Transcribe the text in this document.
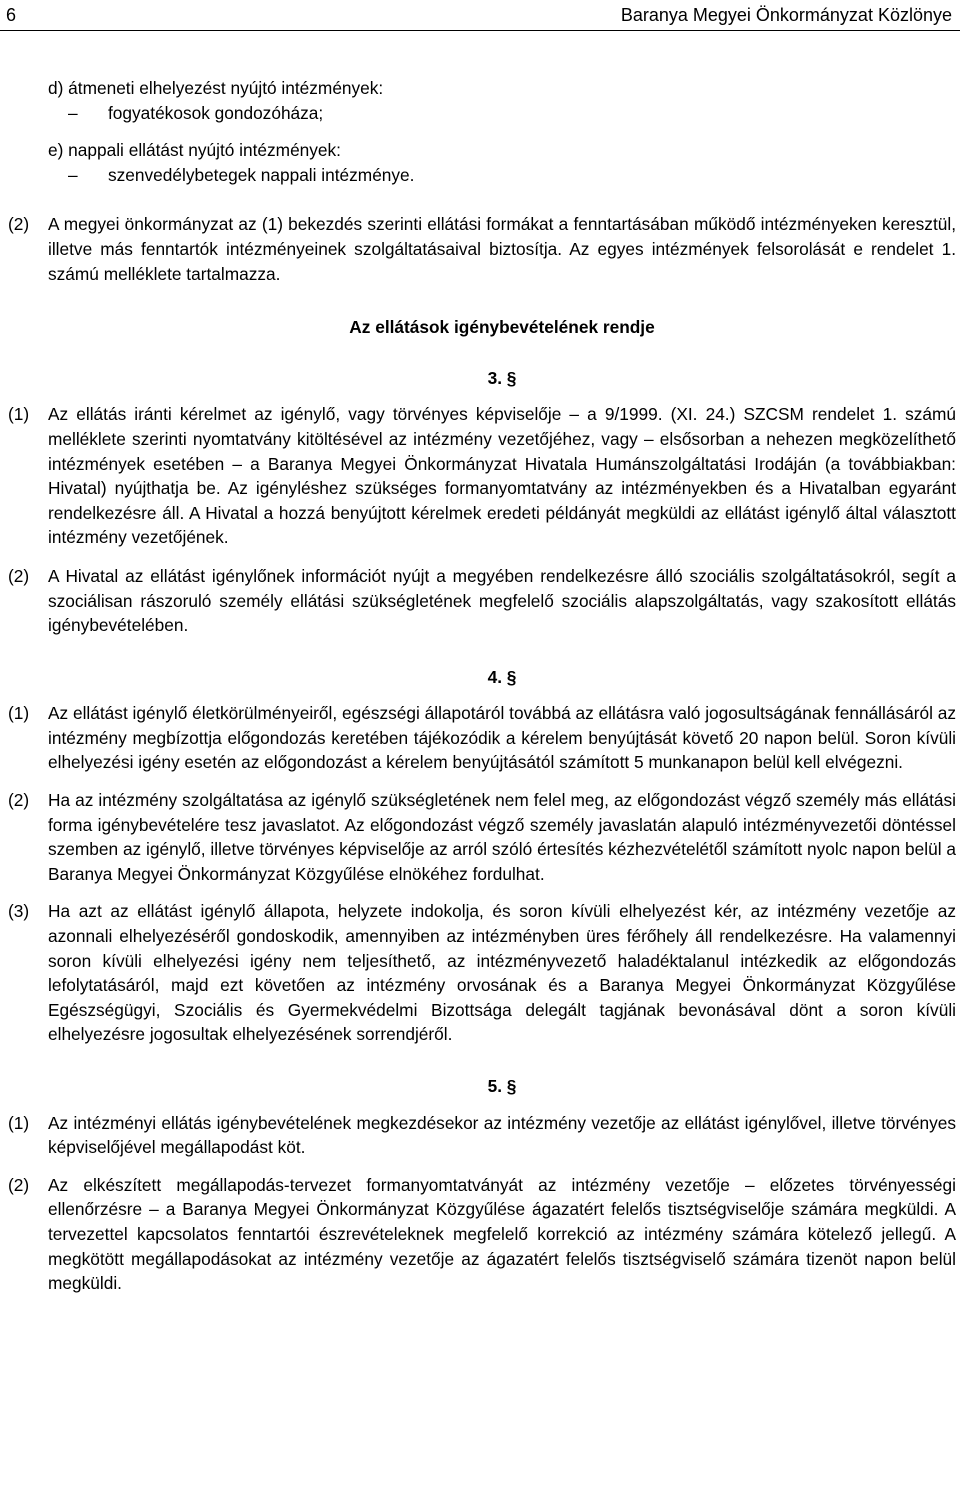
6	Baranya Megyei Önkormányzat Közlönye
d) átmeneti elhelyezést nyújtó intézmények:
– fogyatékosok gondozóháza;
e) nappali ellátást nyújtó intézmények:
– szenvedélybetegek nappali intézménye.
(2) A megyei önkormányzat az (1) bekezdés szerinti ellátási formákat a fenntartásában működő intézményeken keresztül, illetve más fenntartók intézményeinek szolgáltatásaival biztosítja. Az egyes intézmények felsorolását e rendelet 1. számú melléklete tartalmazza.
Az ellátások igénybevételének rendje
3. §
(1) Az ellátás iránti kérelmet az igénylő, vagy törvényes képviselője – a 9/1999. (XI. 24.) SZCSM rendelet 1. számú melléklete szerinti nyomtatvány kitöltésével az intézmény vezetőjéhez, vagy – elsősorban a nehezen megközelíthető intézmények esetében – a Baranya Megyei Önkormányzat Hivatala Humánszolgáltatási Irodáján (a továbbiakban: Hivatal) nyújthatja be. Az igényléshez szükséges formanyomtatvány az intézményekben és a Hivatalban egyaránt rendelkezésre áll. A Hivatal a hozzá benyújtott kérelmek eredeti példányát megküldi az ellátást igénylő által választott intézmény vezetőjének.
(2) A Hivatal az ellátást igénylőnek információt nyújt a megyében rendelkezésre álló szociális szolgáltatásokról, segít a szociálisan rászoruló személy ellátási szükségletének megfelelő szociális alapszolgáltatás, vagy szakosított ellátás igénybevételében.
4. §
(1) Az ellátást igénylő életkörülményeiről, egészségi állapotáról továbbá az ellátásra való jogosultságának fennállásáról az intézmény megbízottja előgondozás keretében tájékozódik a kérelem benyújtását követő 20 napon belül. Soron kívüli elhelyezési igény esetén az előgondozást a kérelem benyújtásától számított 5 munkanapon belül kell elvégezni.
(2) Ha az intézmény szolgáltatása az igénylő szükségletének nem felel meg, az előgondozást végző személy más ellátási forma igénybevételére tesz javaslatot. Az előgondozást végző személy javaslatán alapuló intézményvezetői döntéssel szemben az igénylő, illetve törvényes képviselője az arról szóló értesítés kézhezvételétől számított nyolc napon belül a Baranya Megyei Önkormányzat Közgyűlése elnökéhez fordulhat.
(3) Ha azt az ellátást igénylő állapota, helyzete indokolja, és soron kívüli elhelyezést kér, az intézmény vezetője az azonnali elhelyezéséről gondoskodik, amennyiben az intézményben üres férőhely áll rendelkezésre. Ha valamennyi soron kívüli elhelyezési igény nem teljesíthető, az intézményvezető haladéktalanul intézkedik az előgondozás lefolytatásáról, majd ezt követően az intézmény orvosának és a Baranya Megyei Önkormányzat Közgyűlése Egészségügyi, Szociális és Gyermekvédelmi Bizottsága delegált tagjának bevonásával dönt a soron kívüli elhelyezésre jogosultak elhelyezésének sorrendjéről.
5. §
(1) Az intézményi ellátás igénybevételének megkezdésekor az intézmény vezetője az ellátást igénylővel, illetve törvényes képviselőjével megállapodást köt.
(2) Az elkészített megállapodás-tervezet formanyomtatványát az intézmény vezetője – előzetes törvényességi ellenőrzésre – a Baranya Megyei Önkormányzat Közgyűlése ágazatért felelős tisztségviselője számára megküldi. A tervezettel kapcsolatos fenntartói észrevételeknek megfelelő korrekció az intézmény számára kötelező jellegű. A megkötött megállapodásokat az intézmény vezetője az ágazatért felelős tisztségviselő számára tizenöt napon belül megküldi.
